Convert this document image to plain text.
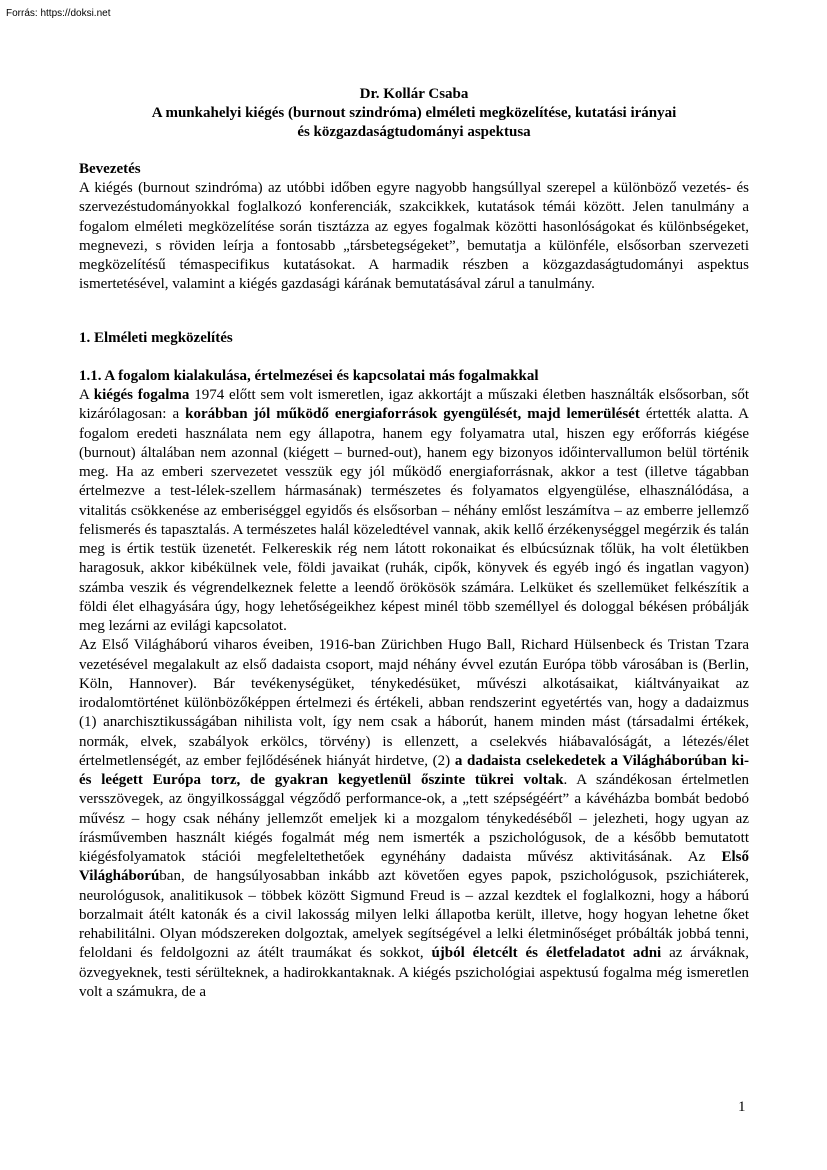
Forrás: https://doksi.net
Dr. Kollár Csaba
A munkahelyi kiégés (burnout szindróma) elméleti megközelítése, kutatási irányai
és közgazdaságtudományi aspektusa
Bevezetés

A kiégés (burnout szindróma) az utóbbi időben egyre nagyobb hangsúllyal szerepel a különböző vezetés- és szervezéstudományokkal foglalkozó konferenciák, szakcikkek, kutatások témái között. Jelen tanulmány a fogalom elméleti megközelítése során tisztázza az egyes fogalmak közötti hasonlóságokat és különbségeket, megnevezi, s röviden leírja a fontosabb „társbetegségeket”, bemutatja a különféle, elsősorban szervezeti megközelítésű témaspecifikus kutatásokat. A harmadik részben a közgazdaságtudományi aspektus ismertetésével, valamint a kiégés gazdasági kárának bemutatásával zárul a tanulmány.

1. Elméleti megközelítés
1.1. A fogalom kialakulása, értelmezései és kapcsolatai más fogalmakkal

A kiégés fogalma 1974 előtt sem volt ismeretlen, igaz akkortájt a műszaki életben használták elsősorban, sőt kizárólagosan: a korábban jól működő energiaforrások gyengülését, majd lemerülését értették alatta. A fogalom eredeti használata nem egy állapotra, hanem egy folyamatra utal, hiszen egy erőforrás kiégése (burnout) általában nem azonnal (kiégett – burned-out), hanem egy bizonyos időintervallumon belül történik meg. Ha az emberi szervezetet vesszük egy jól működő energiaforrásnak, akkor a test (illetve tágabban értelmezve a test-lélek-szellem hármasának) természetes és folyamatos elgyengülése, elhasználódása, a vitalitás csökkenése az emberiséggel egyidős és elsősorban – néhány emlőst leszámítva – az emberre jellemző felismerés és tapasztalás. A természetes halál közeledtével vannak, akik kellő érzékenységgel megérzik és talán meg is értik testük üzenetét. Felkereskik rég nem látott rokonaikat és elbúcsúznak tőlük, ha volt életükben haragosuk, akkor kibékülnek vele, földi javaikat (ruhák, cipők, könyvek és egyéb ingó és ingatlan vagyon) számba veszik és végrendelkeznek felette a leendő örökösök számára. Lelküket és szellemüket felkészítik a földi élet elhagyására úgy, hogy lehetőségeikhez képest minél több személlyel és dologgal békésen próbálják meg lezárni az evilági kapcsolatot.

Az Első Világháború viharos éveiben, 1916-ban Zürichben Hugo Ball, Richard Hülsenbeck és Tristan Tzara vezetésével megalakult az első dadaista csoport, majd néhány évvel ezután Európa több városában is (Berlin, Köln, Hannover). Bár tevékenységüket, ténykedésüket, művészi alkotásaikat, kiáltványaikat az irodalomtörténet különbözőképpen értelmezi és értékeli, abban rendszerint egyetértés van, hogy a dadaizmus (1) anarchisztikusságában nihilista volt, így nem csak a háborút, hanem minden mást (társadalmi értékek, normák, elvek, szabályok erkölcs, törvény) is ellenzett, a cselekvés hiábavalóságát, a létezés/élet értelmetlenségét, az ember fejlődésének hiányát hirdetve, (2) a dadaista cselekedetek a Világháborúban ki- és leégett Európa torz, de gyakran kegyetlenül őszinte tükrei voltak. A szándékosan értelmetlen versszövegek, az öngyilkossággal végződő performance-ok, a „tett szépségéért” a kávéházba bombát bedobó művész – hogy csak néhány jellemzőt emeljek ki a mozgalom ténykedéséből – jelezheti, hogy ugyan az írásművemben használt kiégés fogalmát még nem ismerték a pszichológusok, de a később bemutatott kiégésfolyamatok stációi megfeleltethetőek egynéhány dadaista művész aktivitásának. Az Első Világháborúban, de hangsúlyosabban inkább azt követően egyes papok, pszichológusok, pszichiáterek, neurológusok, analitikusok – többek között Sigmund Freud is – azzal kezdtek el foglalkozni, hogy a háború borzalmait átélt katonák és a civil lakosság milyen lelki állapotba került, illetve, hogy hogyan lehetne őket rehabilitálni. Olyan módszereken dolgoztak, amelyek segítségével a lelki életminőséget próbálták jobbá tenni, feloldani és feldolgozni az átélt traumákat és sokkot, újból életcélt és életfeladatot adni az árváknak, özvegyeknek, testi sérülteknek, a hadirokkantaknak. A kiégés pszichológiai aspektusú fogalma még ismeretlen volt a számukra, de a

1
